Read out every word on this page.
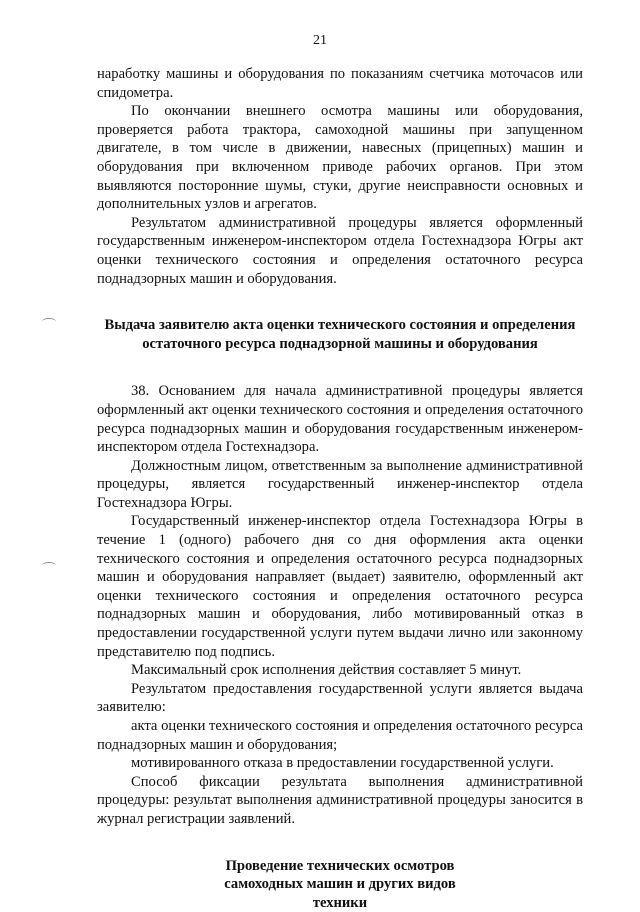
21

наработку машины и оборудования по показаниям счетчика моточасов или спидометра.

По окончании внешнего осмотра машины или оборудования, проверяется работа трактора, самоходной машины при запущенном двигателе, в том числе в движении, навесных (прицепных) машин и оборудования при включенном приводе рабочих органов. При этом выявляются посторонние шумы, стуки, другие неисправности основных и дополнительных узлов и агрегатов.

Результатом административной процедуры является оформленный государственным инженером-инспектором отдела Гостехнадзора Югры акт оценки технического состояния и определения остаточного ресурса поднадзорных машин и оборудования.

Выдача заявителю акта оценки технического состояния и определения остаточного ресурса поднадзорной машины и оборудования

38. Основанием для начала административной процедуры является оформленный акт оценки технического состояния и определения остаточного ресурса поднадзорных машин и оборудования государственным инженером-инспектором отдела Гостехнадзора.

Должностным лицом, ответственным за выполнение административной процедуры, является государственный инженер-инспектор отдела Гостехнадзора Югры.

Государственный инженер-инспектор отдела Гостехнадзора Югры в течение 1 (одного) рабочего дня со дня оформления акта оценки технического состояния и определения остаточного ресурса поднадзорных машин и оборудования направляет (выдает) заявителю, оформленный акт оценки технического состояния и определения остаточного ресурса поднадзорных машин и оборудования, либо мотивированный отказ в предоставлении государственной услуги путем выдачи лично или законному представителю под подпись.

Максимальный срок исполнения действия составляет 5 минут.

Результатом предоставления государственной услуги является выдача заявителю:

акта оценки технического состояния и определения остаточного ресурса поднадзорных машин и оборудования;

мотивированного отказа в предоставлении государственной услуги.

Способ фиксации результата выполнения административной процедуры: результат выполнения административной процедуры заносится в журнал регистрации заявлений.

Проведение технических осмотров самоходных машин и других видов техники
